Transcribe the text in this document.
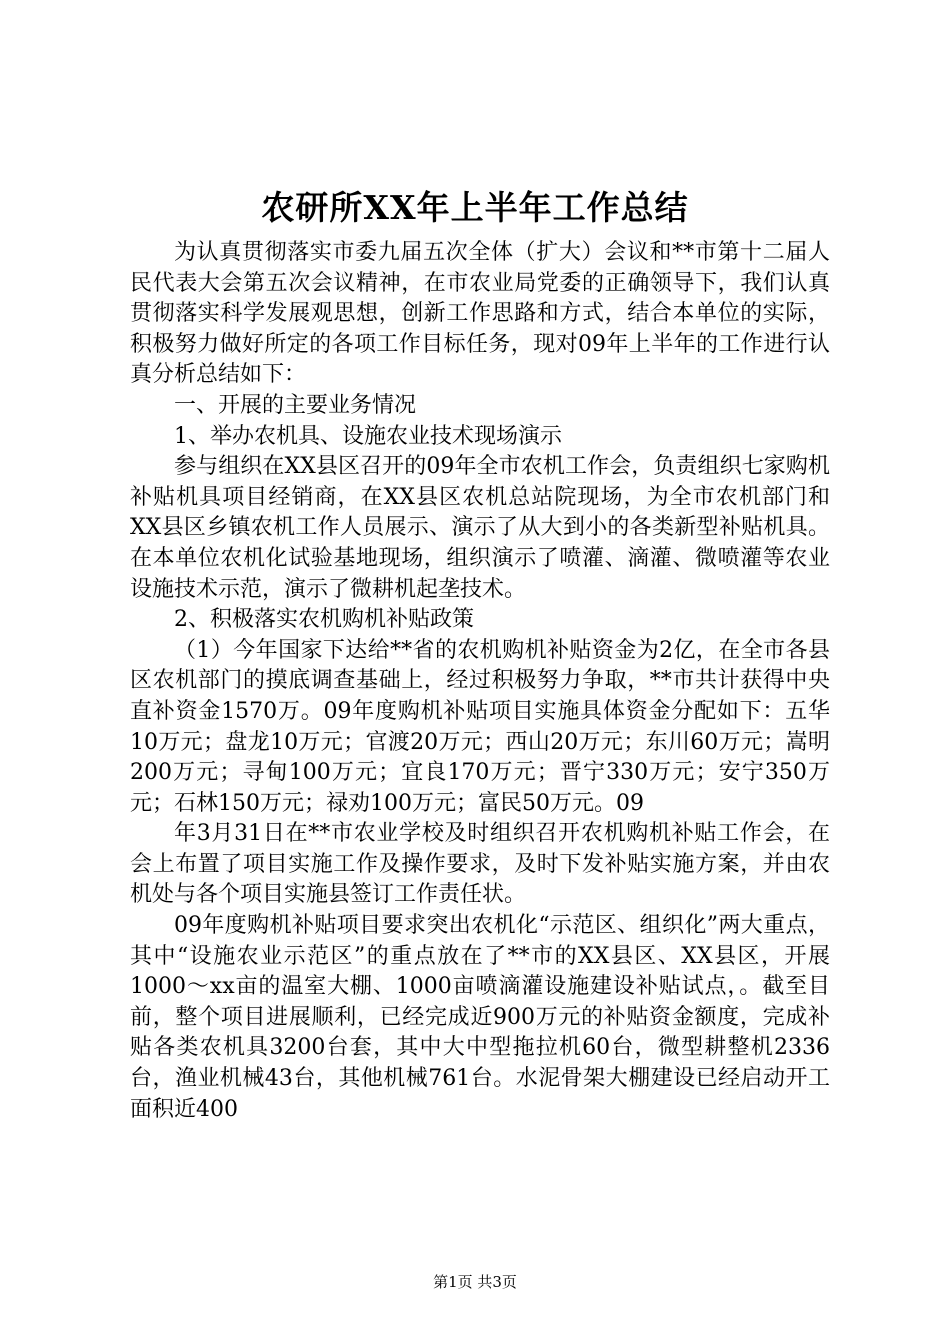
农研所XX年上半年工作总结

为认真贯彻落实市委九届五次全体（扩大）会议和**市第十二届人民代表大会第五次会议精神，在市农业局党委的正确领导下，我们认真贯彻落实科学发展观思想，创新工作思路和方式，结合本单位的实际，积极努力做好所定的各项工作目标任务，现对09年上半年的工作进行认真分析总结如下：

一、开展的主要业务情况

1、举办农机具、设施农业技术现场演示

参与组织在XX县区召开的09年全市农机工作会，负责组织七家购机补贴机具项目经销商，在XX县区农机总站院现场，为全市农机部门和XX县区乡镇农机工作人员展示、演示了从大到小的各类新型补贴机具。在本单位农机化试验基地现场，组织演示了喷灌、滴灌、微喷灌等农业设施技术示范，演示了微耕机起垄技术。

2、积极落实农机购机补贴政策

（1）今年国家下达给**省的农机购机补贴资金为2亿，在全市各县区农机部门的摸底调查基础上，经过积极努力争取，**市共计获得中央直补资金1570万。09年度购机补贴项目实施具体资金分配如下：五华10万元；盘龙10万元；官渡20万元；西山20万元；东川60万元；嵩明200万元；寻甸100万元；宜良170万元；晋宁330万元；安宁350万元；石林150万元；禄劝100万元；富民50万元。09

年3月31日在**市农业学校及时组织召开农机购机补贴工作会，在会上布置了项目实施工作及操作要求，及时下发补贴实施方案，并由农机处与各个项目实施县签订工作责任状。

09年度购机补贴项目要求突出农机化“示范区、组织化”两大重点，其中“设施农业示范区”的重点放在了**市的XX县区、XX县区，开展1000～xx亩的温室大棚、1000亩喷滴灌设施建设补贴试点，。截至目前，整个项目进展顺利，已经完成近900万元的补贴资金额度，完成补贴各类农机具3200台套，其中大中型拖拉机60台，微型耕整机2336台，渔业机械43台，其他机械761台。水泥骨架大棚建设已经启动开工面积近400

第1页 共3页
